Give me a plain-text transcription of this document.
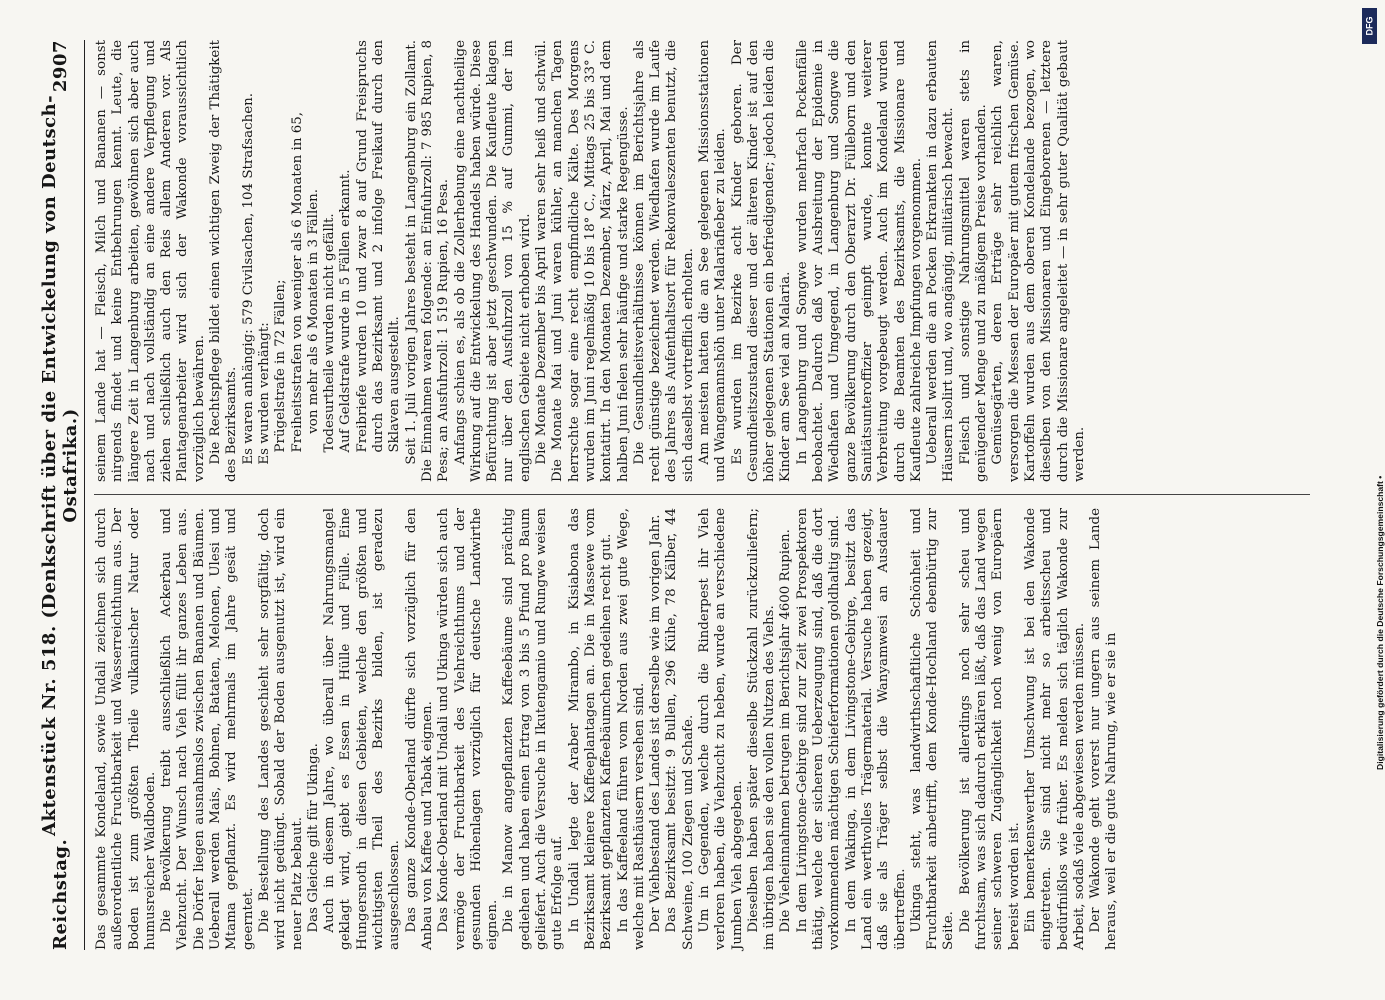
Reichstag.
Aktenstück Nr. 518. (Denkschrift über die Entwickelung von Deutsch-Ostafrika.)
2907

Das gesammte Kondeland, sowie Undali zeichnen sich durch außerordentliche Fruchtbarkeit und Wasserreichthum aus. Der Boden ist zum größten Theile vulkanischer Natur oder humusreicher Waldboden. Die Bevölkerung treibt ausschließlich Ackerbau und Viehzucht. Der Wunsch nach Vieh füllt ihr ganzes Leben aus. Die Dörfer liegen ausnahmslos zwischen Bananen und Bäumen. Ueberall werden Mais, Bohnen, Bataten, Melonen, Ulesi und Mtama gepflanzt. Es wird mehrmals im Jahre gesät und geerntet. Die Bestellung des Landes geschieht sehr sorgfältig, doch wird nicht gedüngt. Sobald der Boden ausgenutzt ist, wird ein neuer Platz bebaut. Das Gleiche gilt für Ukinga. Auch in diesem Jahre, wo überall über Nahrungsmangel geklagt wird, giebt es Essen in Hülle und Fülle. Eine Hungersnoth in diesen Gebieten, welche den größten und wichtigsten Theil des Bezirks bilden, ist geradezu ausgeschlossen. Das ganze Konde-Oberland dürfte sich vorzüglich für den Anbau von Kaffee und Tabak eignen. Das Konde-Oberland mit Undali und Ukinga würden sich auch vermöge der Fruchtbarkeit des Viehreichthums und der gesunden Höhenlagen vorzüglich für deutsche Landwirthe eignen. Die in Manow angepflanzten Kaffeebäume sind prächtig gediehen und haben einen Ertrag von 3 bis 5 Pfund pro Baum geliefert. Auch die Versuche in Ikutengamio und Rungwe weisen gute Erfolge auf. In Undali legte der Araber Mirambo, in Kisiabona das Bezirksamt kleinere Kaffeeplantagen an. Die in Massewe vom Bezirksamt gepflanzten Kaffeebäumchen gedeihen recht gut. In das Kaffeeland führen vom Norden aus zwei gute Wege, welche mit Rasthäusern versehen sind. Der Viehbestand des Landes ist derselbe wie im vorigen Jahr. Das Bezirksamt besitzt: 9 Bullen, 296 Kühe, 78 Kälber, 44 Schweine, 100 Ziegen und Schafe. Um in Gegenden, welche durch die Rinderpest ihr Vieh verloren haben, die Viehzucht zu heben, wurde an verschiedene Jumben Vieh abgegeben. Dieselben haben später dieselbe Stückzahl zurückzuliefern; im übrigen haben sie den vollen Nutzen des Viehs. Die Vieheinnahmen betrugen im Berichtsjahr 4600 Rupien. In dem Livingstone-Gebirge sind zur Zeit zwei Prospektoren thätig, welche der sicheren Ueberzeugung sind, daß die dort vorkommenden mächtigen Schieferformationen goldhaltig sind. In dem Wakinga, in dem Livingstone-Gebirge, besitzt das Land ein werthvolles Trägermaterial. Versuche haben gezeigt, daß sie als Träger selbst die Wanyamwesi an Ausdauer übertreffen. Ukinga steht, was landwirthschaftliche Schönheit und Fruchtbarkeit anbetrifft, dem Konde-Hochland ebenbürtig zur Seite. Die Bevölkerung ist allerdings noch sehr scheu und furchtsam, was sich dadurch erklären läßt, daß das Land wegen seiner schweren Zugänglichkeit noch wenig von Europäern bereist worden ist. Ein bemerkenswerther Umschwung ist bei den Wakonde eingetreten. Sie sind nicht mehr so arbeitsscheu und bedürfnißlos wie früher. Es melden sich täglich Wakonde zur Arbeit, sodaß viele abgewiesen werden müssen. Der Wakonde geht vorerst nur ungern aus seinem Lande heraus, weil er die gute Nahrung, wie er sie in

seinem Lande hat — Fleisch, Milch und Bananen — sonst nirgends findet und keine Entbehrungen kennt. Leute, die längere Zeit in Langenburg arbeiten, gewöhnen sich aber auch nach und nach vollständig an eine andere Verpflegung und ziehen schließlich auch den Reis allem Anderen vor. Als Plantagenarbeiter wird sich der Wakonde voraussichtlich vorzüglich bewähren. Die Rechtspflege bildet einen wichtigen Zweig der Thätigkeit des Bezirksamts. Es waren anhängig: 579 Civilsachen, 104 Strafsachen. Es wurden verhängt: Prügelstrafe in 72 Fällen; Freiheitsstrafen von weniger als 6 Monaten in 65, von mehr als 6 Monaten in 3 Fällen. Todesurtheile wurden nicht gefällt. Auf Geldstrafe wurde in 5 Fällen erkannt. Freibriefe wurden 10 und zwar 8 auf Grund Freispruchs durch das Bezirksamt und 2 infolge Freikauf durch den Sklaven ausgestellt. Seit 1. Juli vorigen Jahres besteht in Langenburg ein Zollamt. Die Einnahmen waren folgende: an Einfuhrzoll: 7 985 Rupien, 8 Pesa; an Ausfuhrzoll: 1 519 Rupien, 16 Pesa. Anfangs schien es, als ob die Zollerhebung eine nachtheilige Wirkung auf die Entwickelung des Handels haben würde. Diese Befürchtung ist aber jetzt geschwunden. Die Kaufleute klagen nur über den Ausfuhrzoll von 15 % auf Gummi, der im englischen Gebiete nicht erhoben wird. Die Monate Dezember bis April waren sehr heiß und schwül. Die Monate Mai und Juni waren kühler, an manchen Tagen herrschte sogar eine recht empfindliche Kälte. Des Morgens wurden im Juni regelmäßig 10 bis 18° C., Mittags 25 bis 33° C. kontatirt. In den Monaten Dezember, März, April, Mai und dem halben Juni fielen sehr häufige und starke Regengüsse. Die Gesundheitsverhältnisse können im Berichtsjahre als recht günstige bezeichnet werden. Wiedhafen wurde im Laufe des Jahres als Aufenthaltsort für Rekonvaleszenten benutzt, die sich daselbst vortrefflich erholten. Am meisten hatten die an See gelegenen Missionsstationen und Wangemannshöh unter Malariafieber zu leiden. Es wurden im Bezirke acht Kinder geboren. Der Gesundheitszustand dieser und der älteren Kinder ist auf den höher gelegenen Stationen ein befriedigender; jedoch leiden die Kinder am See viel an Malaria. In Langenburg und Songwe wurden mehrfach Pockenfälle beobachtet. Dadurch daß vor Ausbreitung der Epidemie in Wiedhafen und Umgegend, in Langenburg und Songwe die ganze Bevölkerung durch den Oberarzt Dr. Fülleborn und den Sanitätsunteroffizier geimpft wurde, konnte weiterer Verbreitung vorgebeugt werden. Auch im Kondeland wurden durch die Beamten des Bezirksamts, die Missionare und Kaufleute zahlreiche Impfungen vorgenommen. Ueberall werden die an Pocken Erkrankten in dazu erbauten Häusern isolirt und, wo angängig, militärisch bewacht. Fleisch und sonstige Nahrungsmittel waren stets in genügender Menge und zu mäßigem Preise vorhanden. Gemüsegärten, deren Erträge sehr reichlich waren, versorgen die Messen der Europäer mit gutem frischen Gemüse. Kartoffeln wurden aus dem oberen Kondelande bezogen, wo dieselben von den Missionaren und Eingeborenen — letztere durch die Missionare angeleitet — in sehr guter Qualität gebaut werden.

DFG
Digitalisierung gefördert durch die Deutsche Forschungsgemeinschaft •
